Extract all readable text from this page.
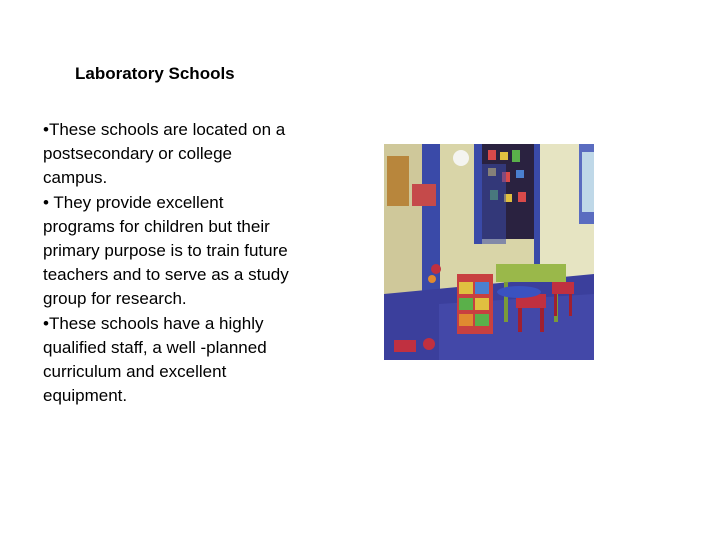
Laboratory Schools

•These schools are located on a postsecondary or college campus.

• They provide excellent programs for children but their primary purpose is to train future teachers and to serve as a study group for research.

•These schools have a highly qualified staff, a well -planned curriculum and excellent equipment.
